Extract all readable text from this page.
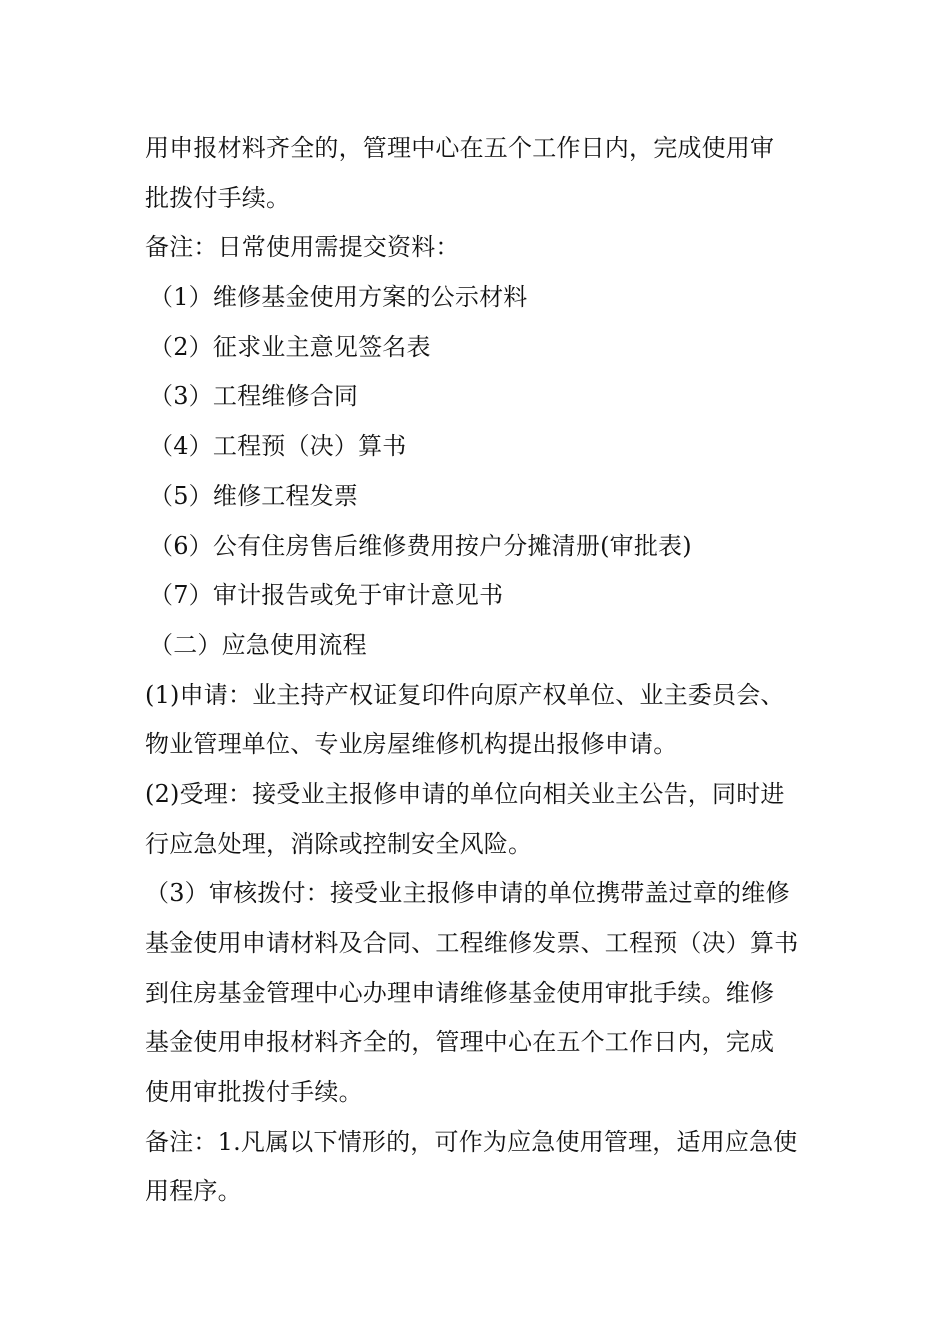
用申报材料齐全的，管理中心在五个工作日内，完成使用审
批拨付手续。
备注：日常使用需提交资料：
（1）维修基金使用方案的公示材料
（2）征求业主意见签名表
（3）工程维修合同
（4）工程预（决）算书
（5）维修工程发票
（6）公有住房售后维修费用按户分摊清册(审批表)
（7）审计报告或免于审计意见书
（二）应急使用流程
(1)申请：业主持产权证复印件向原产权单位、业主委员会、
物业管理单位、专业房屋维修机构提出报修申请。
(2)受理：接受业主报修申请的单位向相关业主公告，同时进
行应急处理，消除或控制安全风险。
（3）审核拨付：接受业主报修申请的单位携带盖过章的维修
基金使用申请材料及合同、工程维修发票、工程预（决）算书
到住房基金管理中心办理申请维修基金使用审批手续。维修
基金使用申报材料齐全的，管理中心在五个工作日内，完成
使用审批拨付手续。
备注：1.凡属以下情形的，可作为应急使用管理，适用应急使
用程序。
